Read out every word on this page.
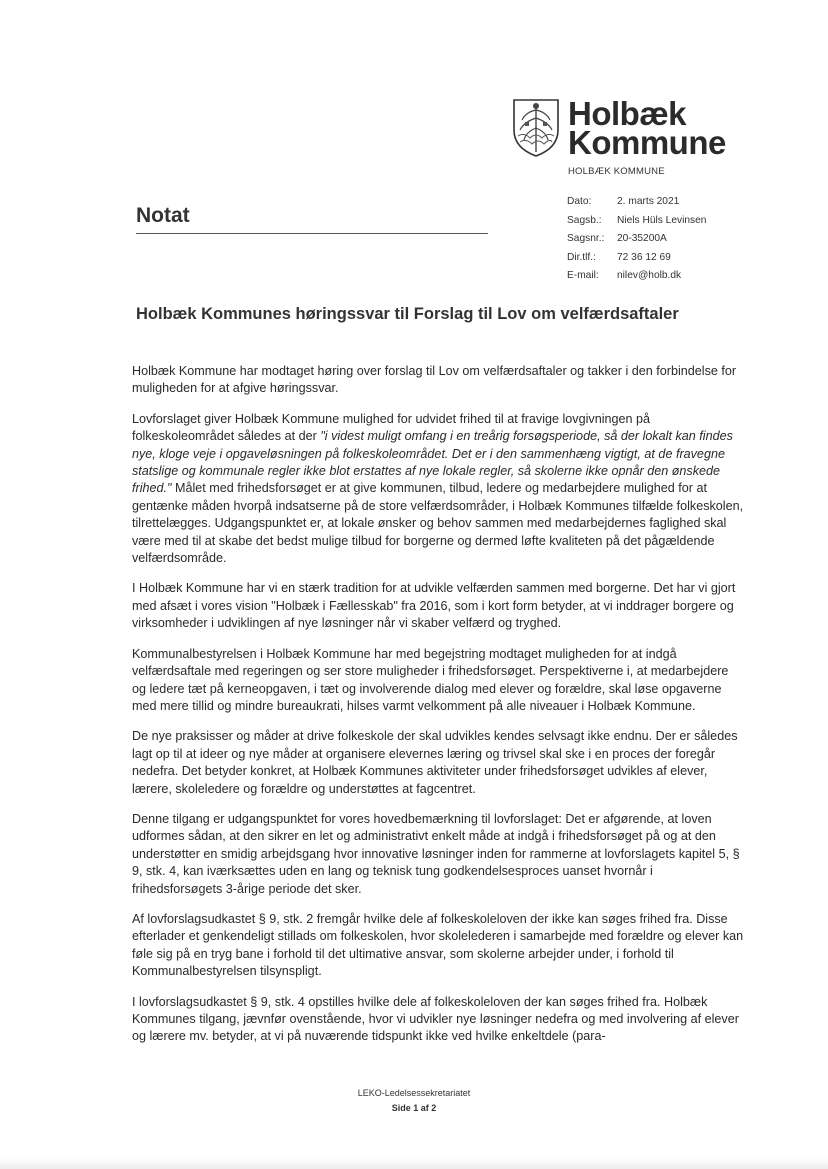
Holbæk
Kommune
HOLBÆK KOMMUNE
Notat
Dato:	2. marts 2021
Sagsb.:	Niels Hüls Levinsen
Sagsnr.:	20-35200A
Dir.tlf.:	72 36 12 69
E-mail:	nilev@holb.dk
Holbæk Kommunes høringssvar til Forslag til Lov om velfærdsaftaler

Holbæk Kommune har modtaget høring over forslag til Lov om velfærdsaftaler og takker i den forbindelse for muligheden for at afgive høringssvar.

Lovforslaget giver Holbæk Kommune mulighed for udvidet frihed til at fravige lovgivningen på folkeskoleområdet således at der "i videst muligt omfang i en treårig forsøgsperiode, så der lokalt kan findes nye, kloge veje i opgaveløsningen på folkeskoleområdet. Det er i den sammenhæng vigtigt, at de fravegne statslige og kommunale regler ikke blot erstattes af nye lokale regler, så skolerne ikke opnår den ønskede frihed." Målet med frihedsforsøget er at give kommunen, tilbud, ledere og medarbejdere mulighed for at gentænke måden hvorpå indsatserne på de store velfærdsområder, i Holbæk Kommunes tilfælde folkeskolen, tilrettelægges. Udgangspunktet er, at lokale ønsker og behov sammen med medarbejdernes faglighed skal være med til at skabe det bedst mulige tilbud for borgerne og dermed løfte kvaliteten på det pågældende velfærdsområde.

I Holbæk Kommune har vi en stærk tradition for at udvikle velfærden sammen med borgerne. Det har vi gjort med afsæt i vores vision "Holbæk i Fællesskab" fra 2016, som i kort form betyder, at vi inddrager borgere og virksomheder i udviklingen af nye løsninger når vi skaber velfærd og tryghed.

Kommunalbestyrelsen i Holbæk Kommune har med begejstring modtaget muligheden for at indgå velfærdsaftale med regeringen og ser store muligheder i frihedsforsøget. Perspektiverne i, at medarbejdere og ledere tæt på kerneopgaven, i tæt og involverende dialog med elever og forældre, skal løse opgaverne med mere tillid og mindre bureaukrati, hilses varmt velkomment på alle niveauer i Holbæk Kommune.

De nye praksisser og måder at drive folkeskole der skal udvikles kendes selvsagt ikke endnu. Der er således lagt op til at ideer og nye måder at organisere elevernes læring og trivsel skal ske i en proces der foregår nedefra. Det betyder konkret, at Holbæk Kommunes aktiviteter under frihedsforsøget udvikles af elever, lærere, skoleledere og forældre og understøttes at fagcentret.

Denne tilgang er udgangspunktet for vores hovedbemærkning til lovforslaget: Det er afgørende, at loven udformes sådan, at den sikrer en let og administrativt enkelt måde at indgå i frihedsforsøget på og at den understøtter en smidig arbejdsgang hvor innovative løsninger inden for rammerne at lovforslagets kapitel 5, § 9, stk. 4, kan iværksættes uden en lang og teknisk tung godkendelsesproces uanset hvornår i frihedsforsøgets 3-årige periode det sker.

Af lovforslagsudkastet § 9, stk. 2 fremgår hvilke dele af folkeskoleloven der ikke kan søges frihed fra. Disse efterlader et genkendeligt stillads om folkeskolen, hvor skolelederen i samarbejde med forældre og elever kan føle sig på en tryg bane i forhold til det ultimative ansvar, som skolerne arbejder under, i forhold til Kommunalbestyrelsen tilsynspligt.

I lovforslagsudkastet § 9, stk. 4 opstilles hvilke dele af folkeskoleloven der kan søges frihed fra. Holbæk Kommunes tilgang, jævnfør ovenstående, hvor vi udvikler nye løsninger nedefra og med involvering af elever og lærere mv. betyder, at vi på nuværende tidspunkt ikke ved hvilke enkeltdele (para-

LEKO-Ledelsessekretariatet
Side 1 af 2
